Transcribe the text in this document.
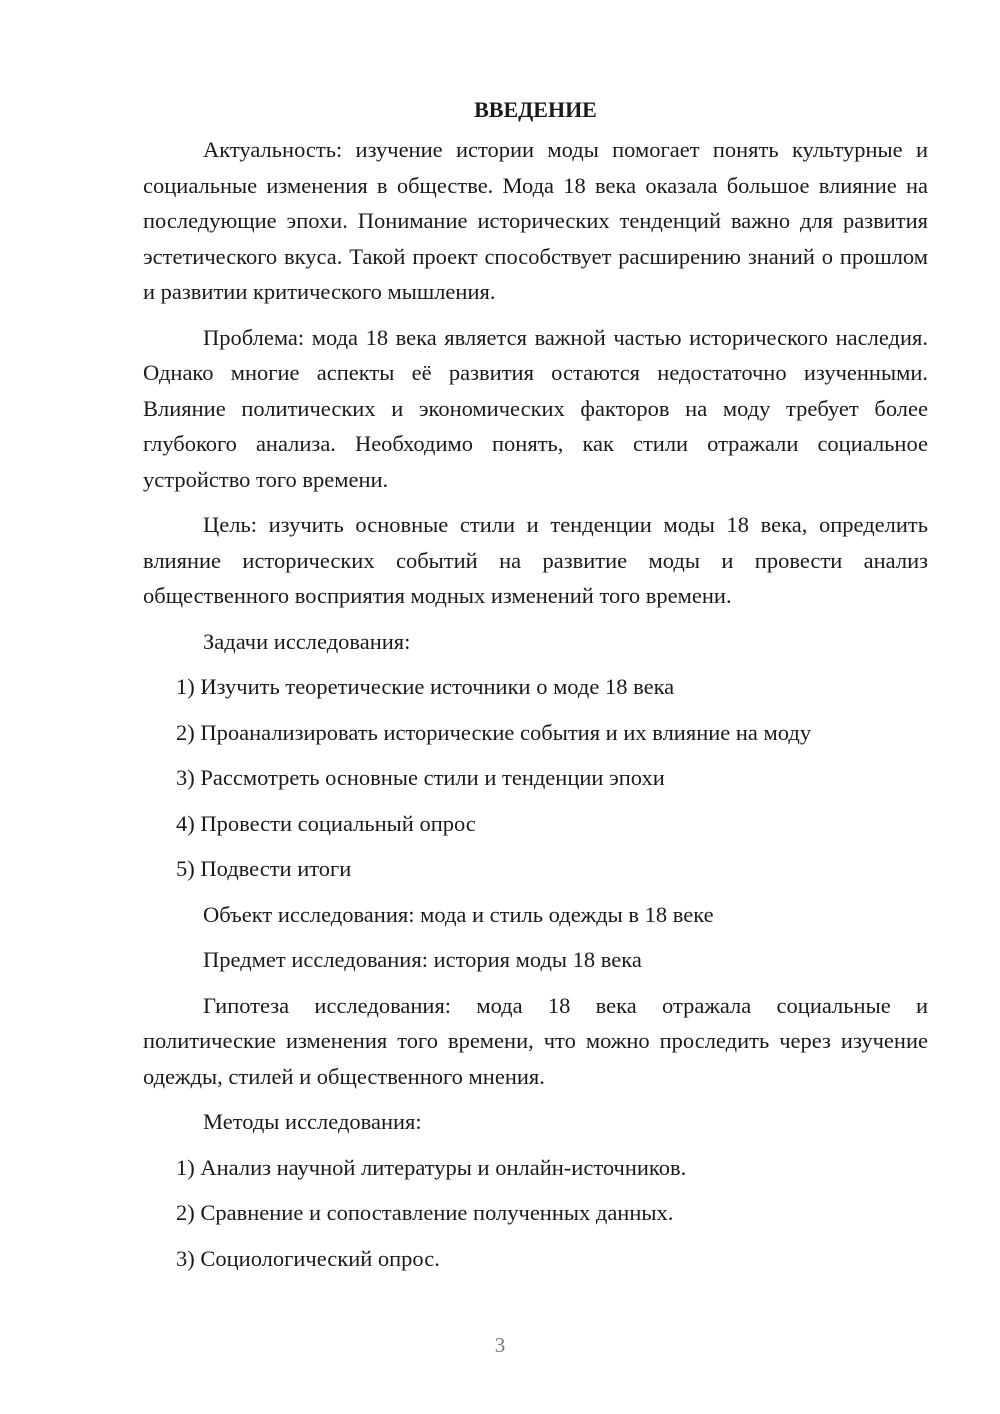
ВВЕДЕНИЕ

Актуальность: изучение истории моды помогает понять культурные и социальные изменения в обществе. Мода 18 века оказала большое влияние на последующие эпохи. Понимание исторических тенденций важно для развития эстетического вкуса. Такой проект способствует расширению знаний о прошлом и развитии критического мышления.

Проблема: мода 18 века является важной частью исторического наследия. Однако многие аспекты её развития остаются недостаточно изученными. Влияние политических и экономических факторов на моду требует более глубокого анализа. Необходимо понять, как стили отражали социальное устройство того времени.

Цель: изучить основные стили и тенденции моды 18 века, определить влияние исторических событий на развитие моды и провести анализ общественного восприятия модных изменений того времени.

Задачи исследования:
1) Изучить теоретические источники о моде 18 века
2) Проанализировать исторические события и их влияние на моду
3) Рассмотреть основные стили и тенденции эпохи
4) Провести социальный опрос
5) Подвести итоги
Объект исследования: мода и стиль одежды в 18 веке
Предмет исследования: история моды 18 века

Гипотеза исследования: мода 18 века отражала социальные и политические изменения того времени, что можно проследить через изучение одежды, стилей и общественного мнения.

Методы исследования:
1) Анализ научной литературы и онлайн-источников.
2) Сравнение и сопоставление полученных данных.
3) Социологический опрос.
3
